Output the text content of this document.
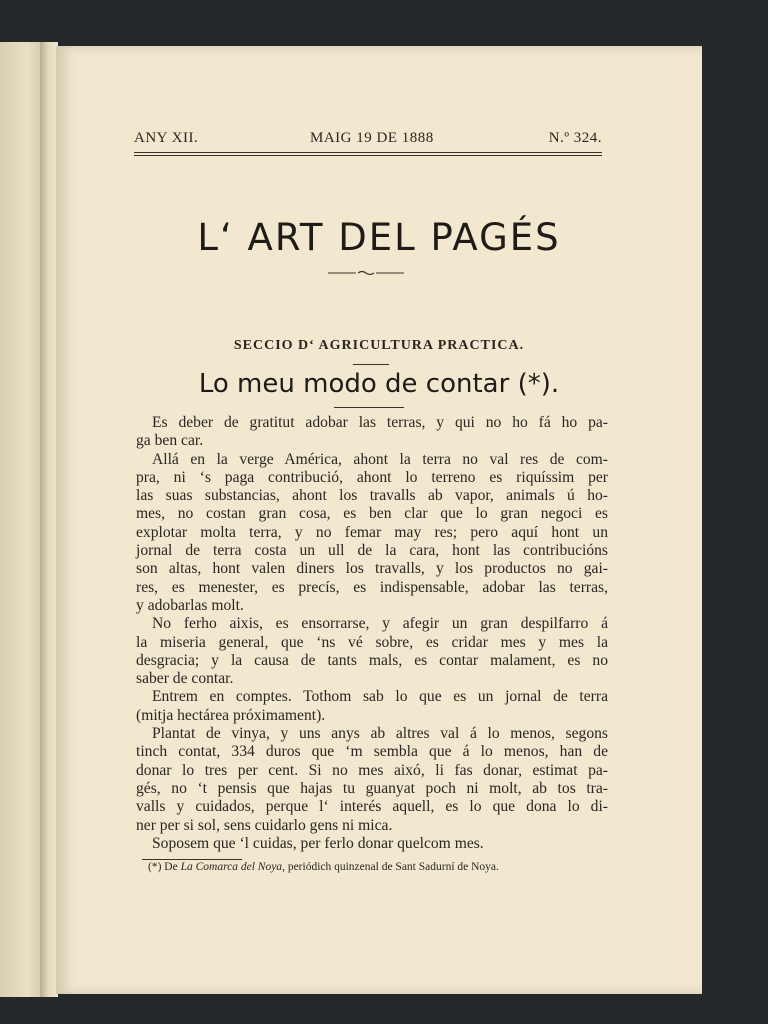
ANY XII.	MAIG 19 DE 1888	N.º 324.
L‘ ART DEL PAGÉS
SECCIO D‘ AGRICULTURA PRACTICA.
Lo meu modo de contar (*).
Es deber de gratitut adobar las terras, y qui no ho fá ho pa-
ga ben car.
Allá en la verge América, ahont la terra no val res de com-
pra, ni ‘s paga contribució, ahont lo terreno es riquíssim per
las suas substancias, ahont los travalls ab vapor, animals ú ho-
mes, no costan gran cosa, es ben clar que lo gran negoci es
explotar molta terra, y no femar may res; pero aquí hont un
jornal de terra costa un ull de la cara, hont las contribucións
son altas, hont valen diners los travalls, y los productos no gai-
res, es menester, es precís, es indispensable, adobar las terras,
y adobarlas molt.
No ferho aixis, es ensorrarse, y afegir un gran despilfarro á
la miseria general, que ‘ns vé sobre, es cridar mes y mes la
desgracia; y la causa de tants mals, es contar malament, es no
saber de contar.
Entrem en comptes. Tothom sab lo que es un jornal de terra
(mitja hectárea próximament).
Plantat de vinya, y uns anys ab altres val á lo menos, segons
tinch contat, 334 duros que ‘m sembla que á lo menos, han de
donar lo tres per cent. Si no mes aixó, li fas donar, estimat pa-
gés, no ‘t pensis que hajas tu guanyat poch ni molt, ab tos tra-
valls y cuidados, perque l‘ interés aquell, es lo que dona lo di-
ner per si sol, sens cuidarlo gens ni mica.
Soposem que ‘l cuidas, per ferlo donar quelcom mes.
(*) De La Comarca del Noya, periódich quinzenal de Sant Sadurní de Noya.
